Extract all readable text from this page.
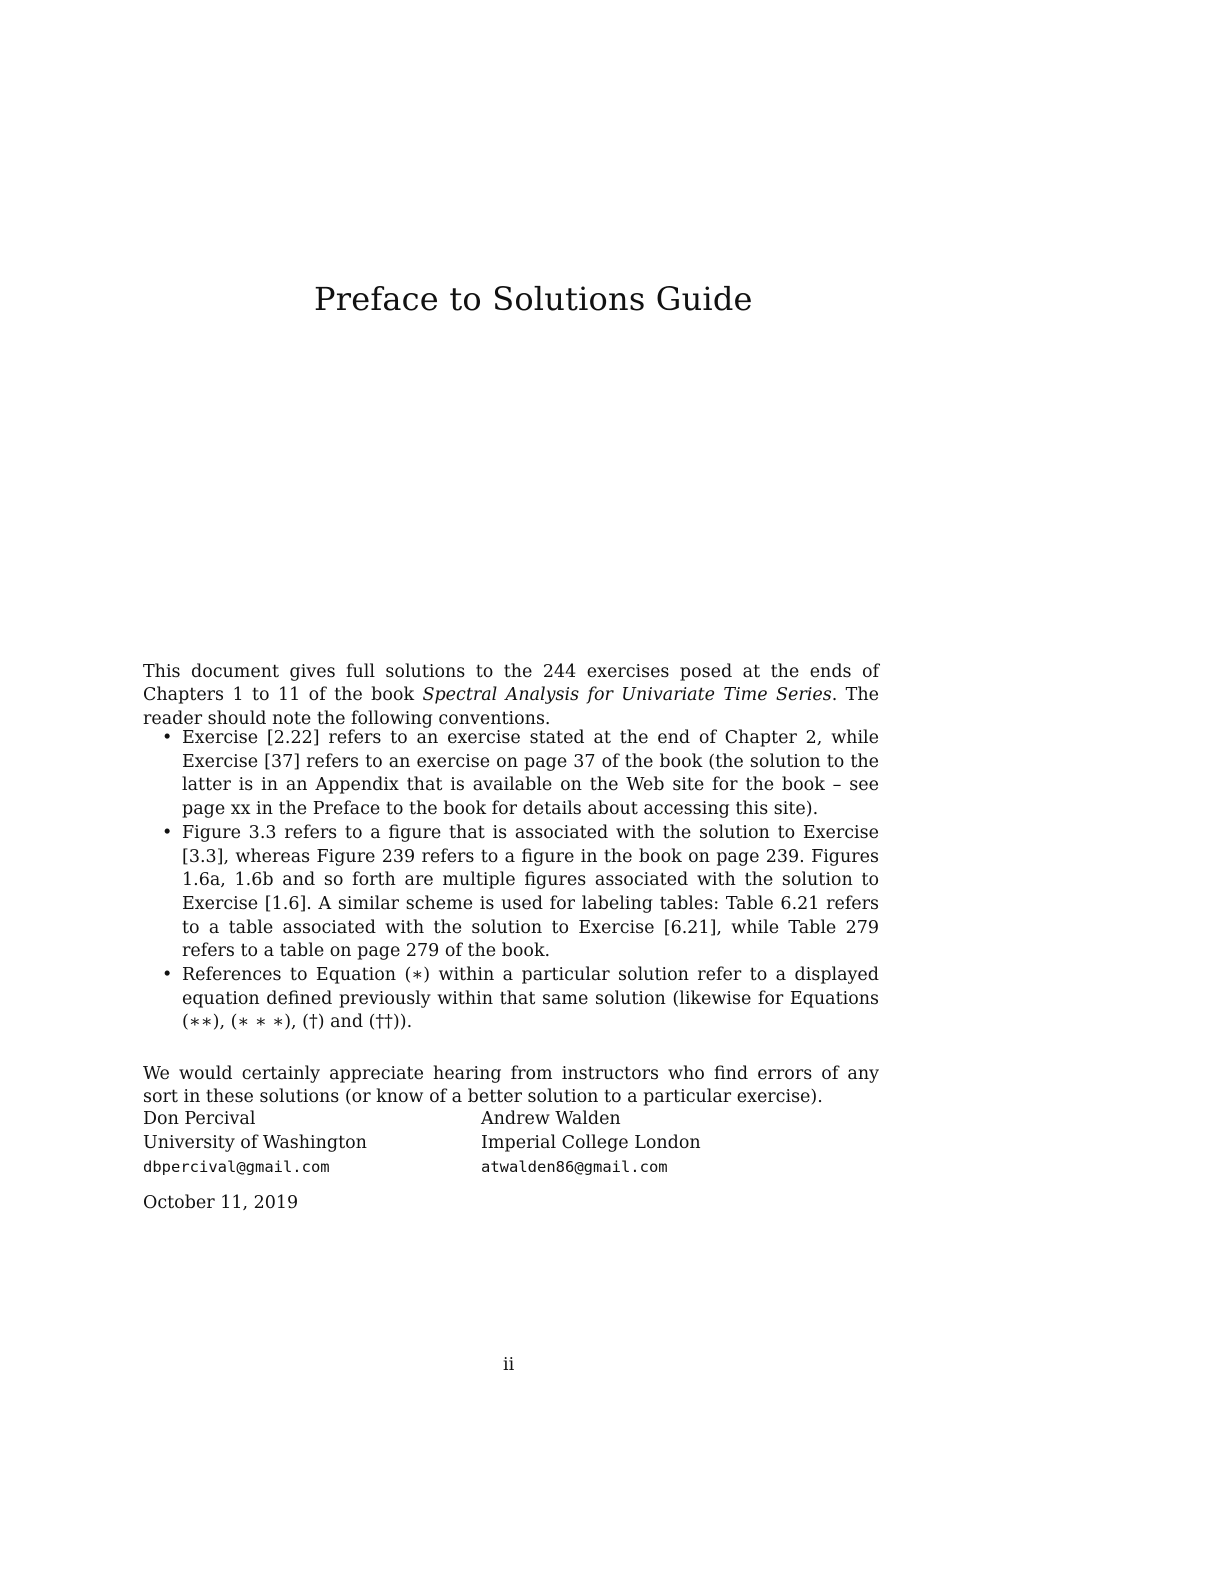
Preface to Solutions Guide

This document gives full solutions to the 244 exercises posed at the ends of Chapters 1 to 11 of the book Spectral Analysis for Univariate Time Series. The reader should note the following conventions.

• Exercise [2.22] refers to an exercise stated at the end of Chapter 2, while Exercise [37] refers to an exercise on page 37 of the book (the solution to the latter is in an Appendix that is available on the Web site for the book – see page xx in the Preface to the book for details about accessing this site).
• Figure 3.3 refers to a figure that is associated with the solution to Exercise [3.3], whereas Figure 239 refers to a figure in the book on page 239. Figures 1.6a, 1.6b and so forth are multiple figures associated with the solution to Exercise [1.6]. A similar scheme is used for labeling tables: Table 6.21 refers to a table associated with the solution to Exercise [6.21], while Table 279 refers to a table on page 279 of the book.
• References to Equation (∗) within a particular solution refer to a displayed equation defined previously within that same solution (likewise for Equations (∗∗), (∗ ∗ ∗), (†) and (††)).

We would certainly appreciate hearing from instructors who find errors of any sort in these solutions (or know of a better solution to a particular exercise).

Don Percival
University of Washington
dbpercival@gmail.com
Andrew Walden
Imperial College London
atwalden86@gmail.com
October 11, 2019
ii
